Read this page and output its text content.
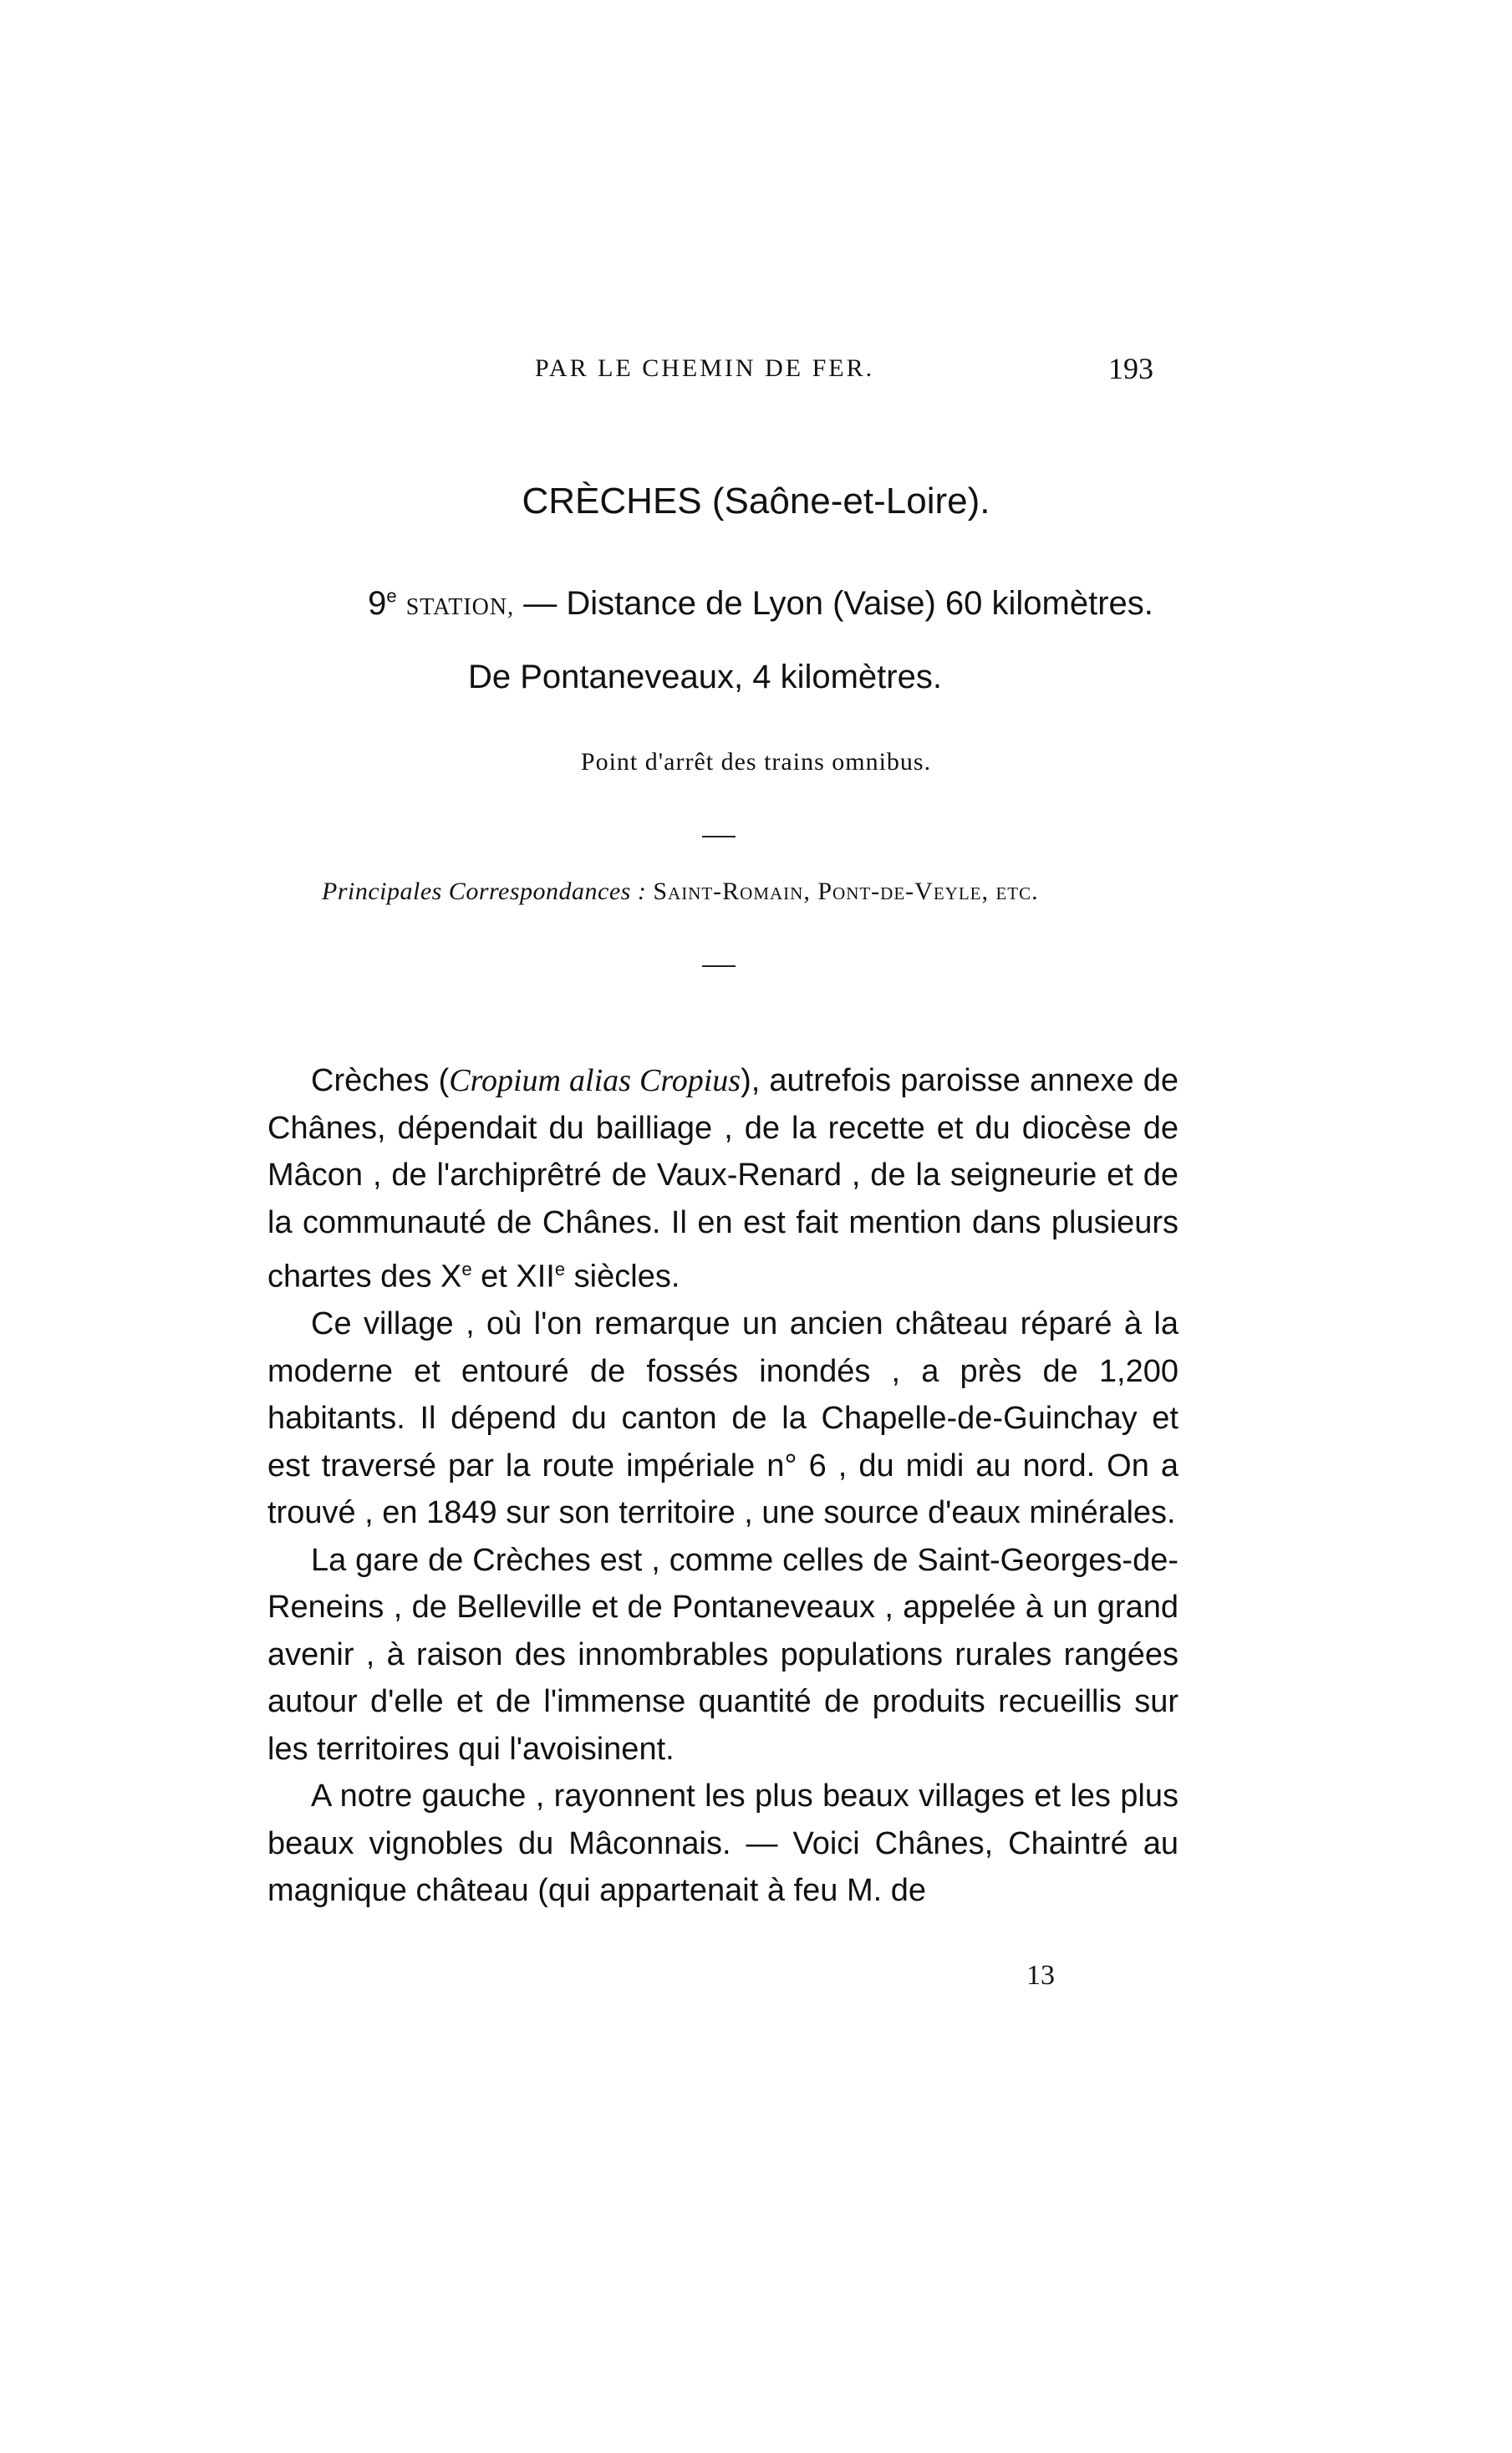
PAR LE CHEMIN DE FER.	193
CRÈCHES (Saône-et-Loire).
9e STATION, — Distance de Lyon (Vaise) 60 kilomètres.
De Pontaneveaux, 4 kilomètres.
Point d'arrêt des trains omnibus.
Principales Correspondances : Saint-Romain, Pont-de-Veyle, etc.

Crèches (Cropium alias Cropius), autrefois paroisse annexe de Chânes, dépendait du bailliage , de la recette et du diocèse de Mâcon , de l'archiprêtré de Vaux-Renard , de la seigneurie et de la communauté de Chânes. Il en est fait mention dans plusieurs chartes des Xe et XIIe siècles.

Ce village , où l'on remarque un ancien château réparé à la moderne et entouré de fossés inondés , a près de 1,200 habitants. Il dépend du canton de la Chapelle-de-Guinchay et est traversé par la route impériale n° 6 , du midi au nord. On a trouvé , en 1849 sur son territoire , une source d'eaux minérales.

La gare de Crèches est , comme celles de Saint-Georges-de-Reneins , de Belleville et de Pontaneveaux , appelée à un grand avenir , à raison des innombrables populations rurales rangées autour d'elle et de l'immense quantité de produits recueillis sur les territoires qui l'avoisinent.

A notre gauche , rayonnent les plus beaux villages et les plus beaux vignobles du Mâconnais. — Voici Chânes, Chaintré au magnique château (qui appartenait à feu M. de

13
